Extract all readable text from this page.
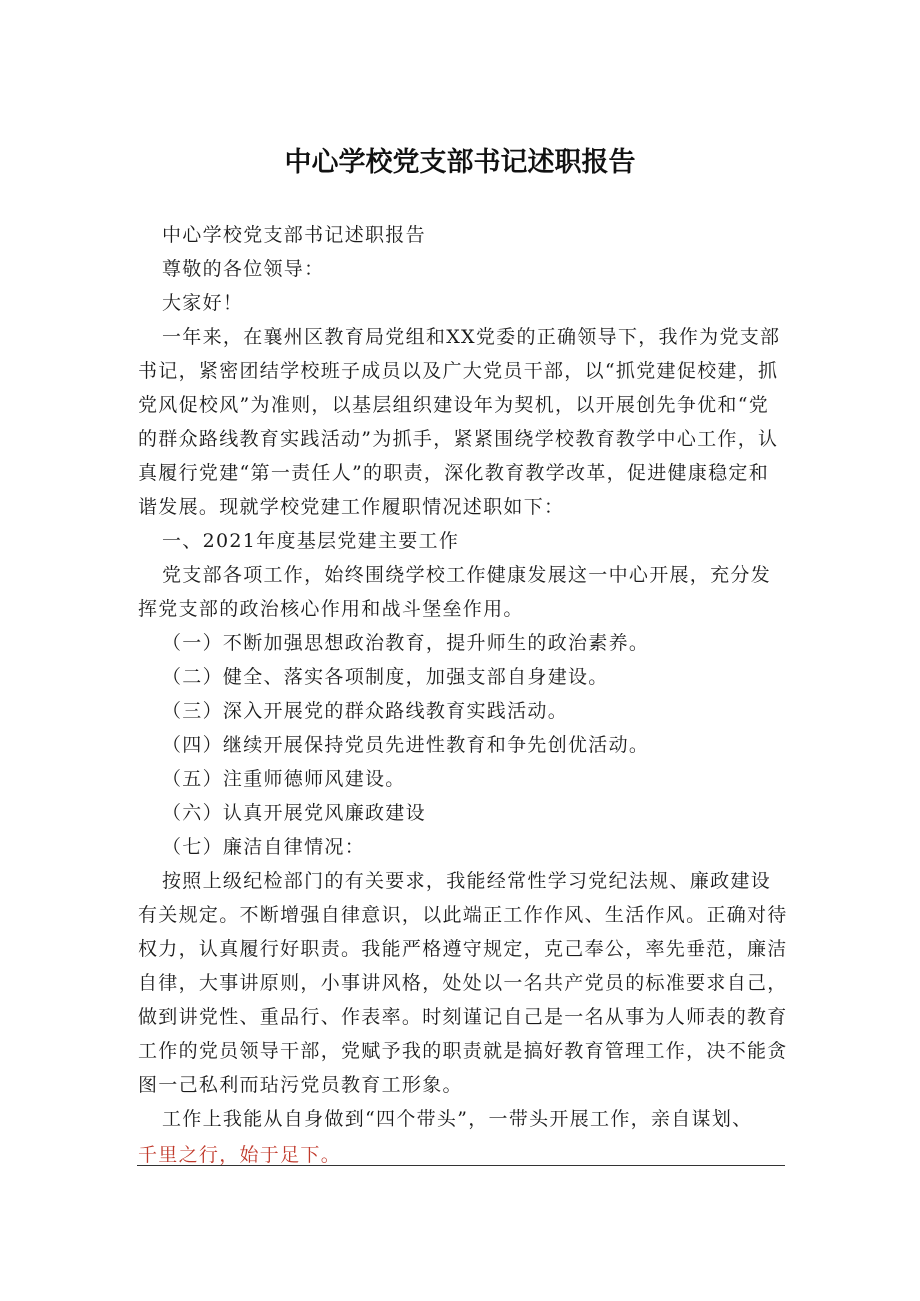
中心学校党支部书记述职报告

中心学校党支部书记述职报告

尊敬的各位领导：

大家好！

一年来，在襄州区教育局党组和XX党委的正确领导下，我作为党支部书记，紧密团结学校班子成员以及广大党员干部，以“抓党建促校建，抓党风促校风”为准则，以基层组织建设年为契机，以开展创先争优和“党的群众路线教育实践活动”为抓手，紧紧围绕学校教育教学中心工作，认真履行党建“第一责任人”的职责，深化教育教学改革，促进健康稳定和谐发展。现就学校党建工作履职情况述职如下：

一、2021年度基层党建主要工作

党支部各项工作，始终围绕学校工作健康发展这一中心开展，充分发挥党支部的政治核心作用和战斗堡垒作用。

（一）不断加强思想政治教育，提升师生的政治素养。

（二）健全、落实各项制度，加强支部自身建设。

（三）深入开展党的群众路线教育实践活动。

（四）继续开展保持党员先进性教育和争先创优活动。

（五）注重师德师风建设。

（六）认真开展党风廉政建设

（七）廉洁自律情况：

按照上级纪检部门的有关要求，我能经常性学习党纪法规、廉政建设有关规定。不断增强自律意识，以此端正工作作风、生活作风。正确对待权力，认真履行好职责。我能严格遵守规定，克己奉公，率先垂范，廉洁自律，大事讲原则，小事讲风格，处处以一名共产党员的标准要求自己，做到讲党性、重品行、作表率。时刻谨记自己是一名从事为人师表的教育工作的党员领导干部，党赋予我的职责就是搞好教育管理工作，决不能贪图一己私利而玷污党员教育工形象。

工作上我能从自身做到“四个带头”，一带头开展工作，亲自谋划、

千里之行，始于足下。
